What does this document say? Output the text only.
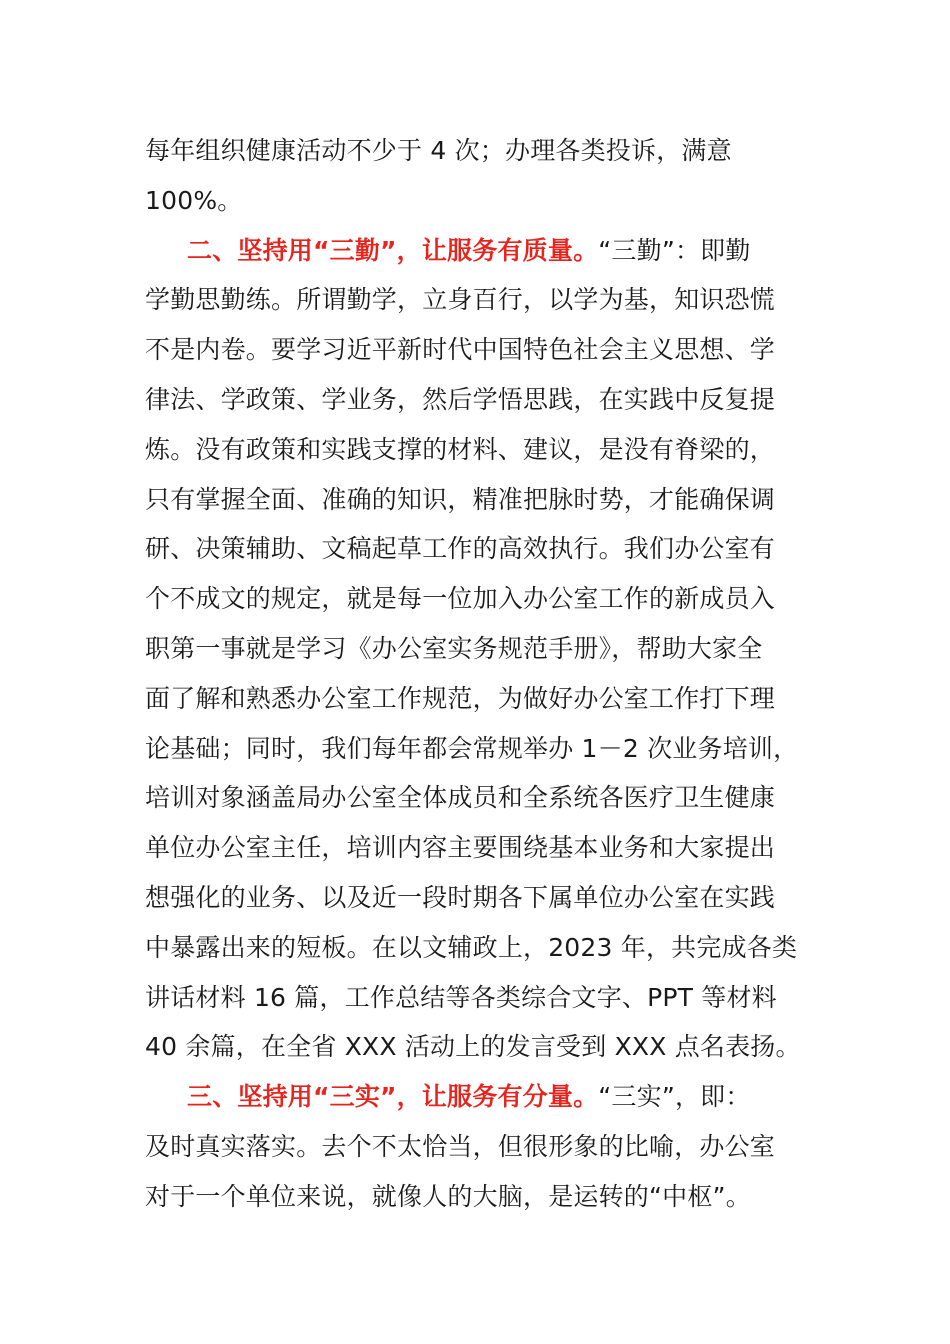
每年组织健康活动不少于 4 次；办理各类投诉，满意
100%。
二、坚持用“三勤”，让服务有质量。“三勤”：即勤
学勤思勤练。所谓勤学，立身百行，以学为基，知识恐慌
不是内卷。要学习近平新时代中国特色社会主义思想、学
律法、学政策、学业务，然后学悟思践，在实践中反复提
炼。没有政策和实践支撑的材料、建议，是没有脊梁的，
只有掌握全面、准确的知识，精准把脉时势，才能确保调
研、决策辅助、文稿起草工作的高效执行。我们办公室有
个不成文的规定，就是每一位加入办公室工作的新成员入
职第一事就是学习《办公室实务规范手册》，帮助大家全
面了解和熟悉办公室工作规范，为做好办公室工作打下理
论基础；同时，我们每年都会常规举办 1－2 次业务培训，
培训对象涵盖局办公室全体成员和全系统各医疗卫生健康
单位办公室主任，培训内容主要围绕基本业务和大家提出
想强化的业务、以及近一段时期各下属单位办公室在实践
中暴露出来的短板。在以文辅政上，2023 年，共完成各类
讲话材料 16 篇，工作总结等各类综合文字、PPT 等材料
40 余篇，在全省 XXX 活动上的发言受到 XXX 点名表扬。
三、坚持用“三实”，让服务有分量。“三实”，即：
及时真实落实。去个不太恰当，但很形象的比喻，办公室
对于一个单位来说，就像人的大脑，是运转的“中枢”。
